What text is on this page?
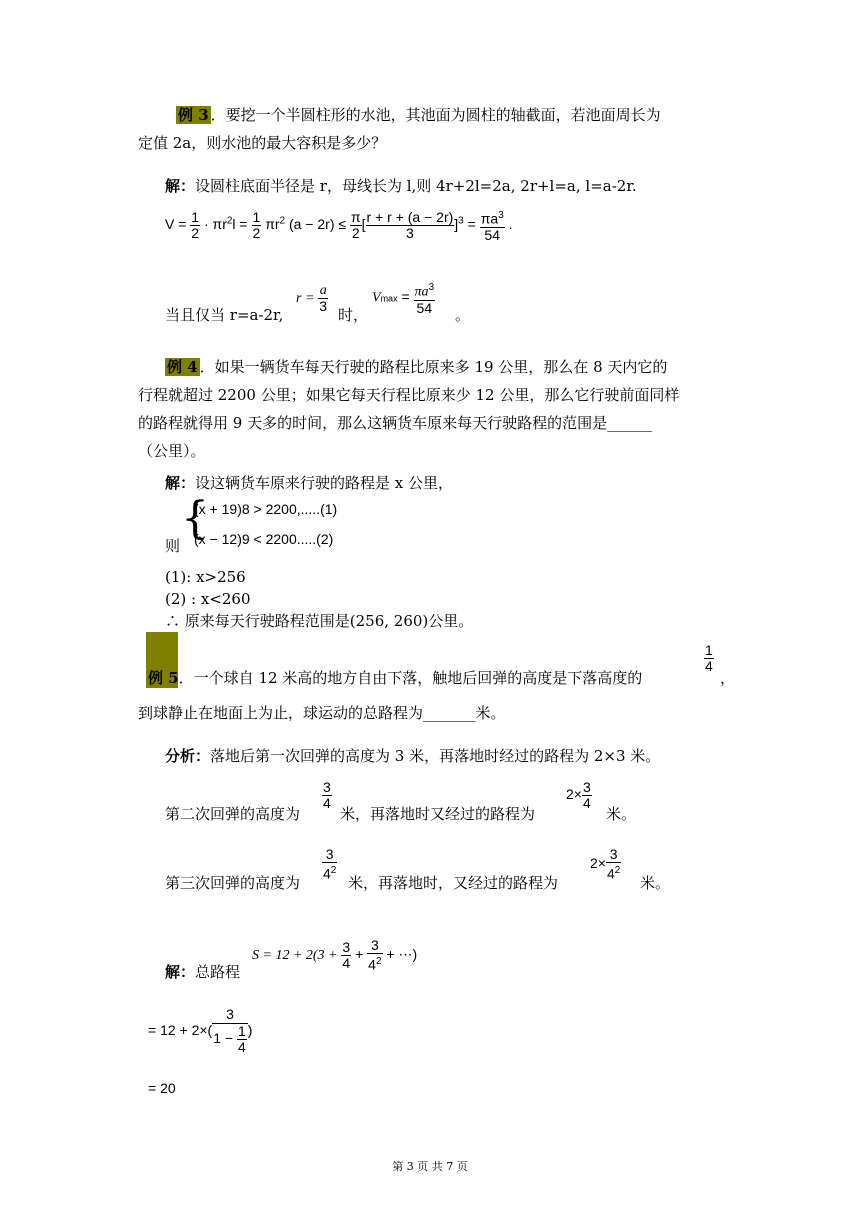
例 3 ．要挖一个半圆柱形的水池，其池面为圆柱的轴截面，若池面周长为
定值 2a，则水池的最大容积是多少？
解：设圆柱底面半径是 r，母线长为 l,则 4r+2l=2a, 2r+l=a, l=a-2r.
$V = \frac{1}{2} \cdot \pi r^2l = \frac{1}{2} \pi r^2$ $(a - 2r) \le \frac{\pi}{2}$ [ $\frac{r + r + (a - 2r)}{3} ]^3 = \frac{\pi a^3}{54}$ .
当且仅当 r=a-2r,
$r = \frac{a}{3}$
时，
$Vmax = \frac{\pi a^3}{54}$ 。
例 4 ．如果一辆货车每天行驶的路程比原来多 19 公里，那么在 8 天内它的
行程就超过 2200 公里；如果它每天行程比原来少 12 公里，那么它行驶前面同样
的路程就得用 9 天多的时间，那么这辆货车原来每天行驶路程的范围是______
（公里）。
解：设这辆货车原来行驶的路程是 x 公里，
{
(x + 19)8 > 2200,.....(1)
(x − 12)9 < 2200.....(2)
则
(1): x>256
(2) : x<260
∴ 原来每天行驶路程范围是(256, 260)公里。
例 5．一个球自 12 米高的地方自由下落，触地后回弹的高度是下落高度的
$\frac{1}{4}$
，
到球静止在地面上为止，球运动的总路程为_______米。
分析：落地后第一次回弹的高度为 3 米，再落地时经过的路程为 2×3 米。
第二次回弹的高度为
$\frac{3}{4}$
米，再落地时又经过的路程为
$2\times \frac{3}{4}$
米。
第三次回弹的高度为
$\frac{3}{4^2}$
米，再落地时，又经过的路程为
$2\times \frac{3}{4^2}$
米。
解：总路程
$S = 12 + 2(3 + \frac{3}{4} + \frac{3}{4^2}$ + ⋯)
= $12 + 2\times( \frac{3}{1 - \frac{1}{4}}$ )
= 20
第 3 页 共 7 页
